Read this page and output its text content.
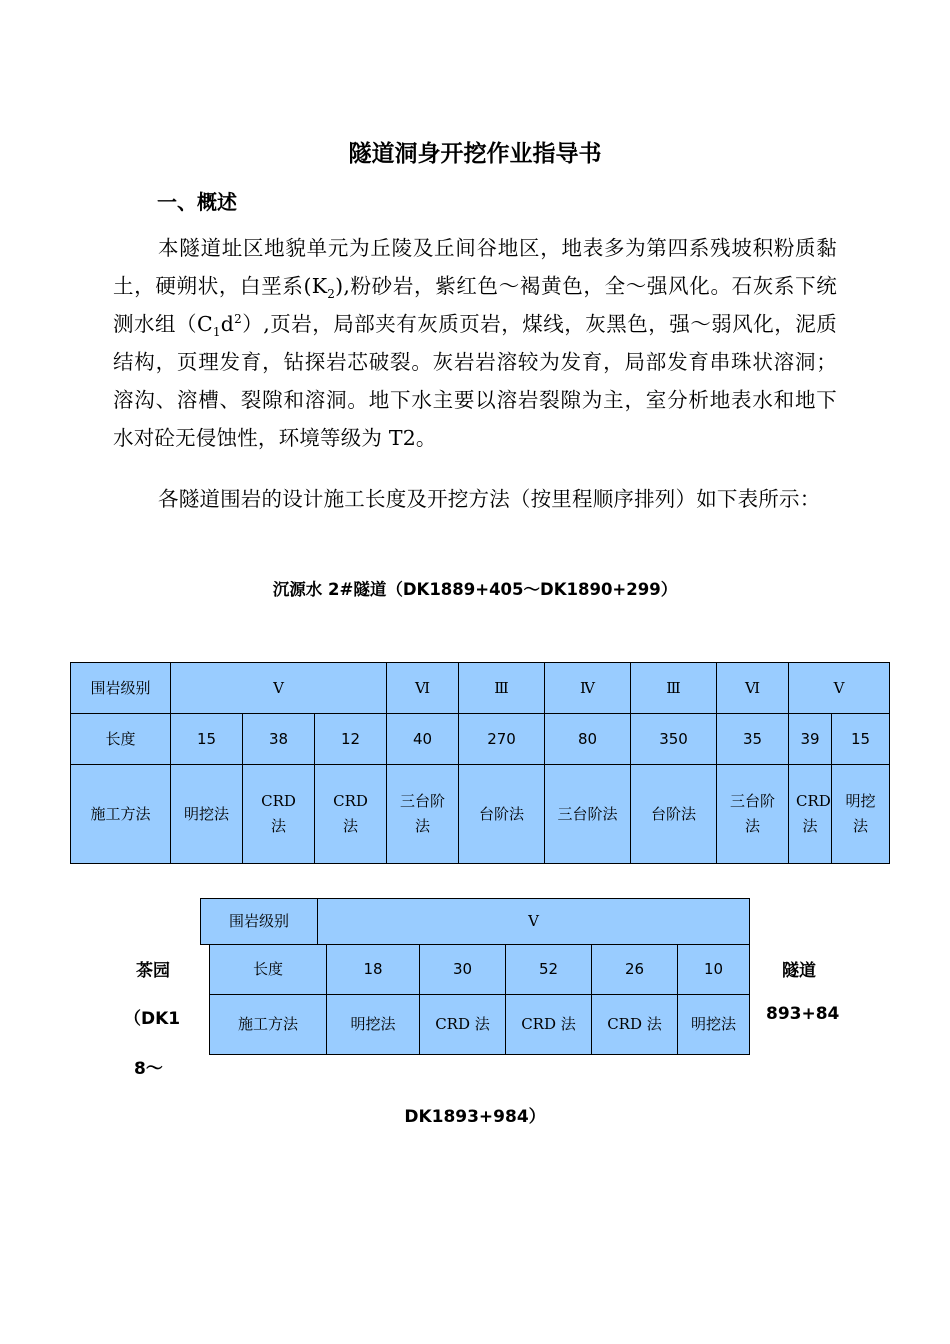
隧道洞身开挖作业指导书
一、概述
本隧道址区地貌单元为丘陵及丘间谷地区，地表多为第四系残坡积粉质黏土，硬朔状，白垩系$(K_2)$,粉砂岩，紫红色～褐黄色，全～强风化。石灰系下统测水组$(C_1d^2)$,页岩，局部夹有灰质页岩，煤线，灰黑色，强～弱风化，泥质结构，页理发育，钻探岩芯破裂。灰岩岩溶较为发育，局部发育串珠状溶洞；溶沟、溶槽、裂隙和溶洞。地下水主要以溶岩裂隙为主，室分析地表水和地下水对砼无侵蚀性，环境等级为 T2。
各隧道围岩的设计施工长度及开挖方法（按里程顺序排列）如下表所示：
沉源水 2#隧道（DK1889+405～DK1890+299）
围岩级别	V			Ⅵ	Ⅲ	Ⅳ	Ⅲ	Ⅵ	V	
长度	15	38	12	40	270	80	350	35	39	15
施工方法	明挖法	CRD法	CRD法	三台阶法	台阶法	三台阶法	台阶法	三台阶法	CRD法	明挖法
围岩级别	V
长度	18	30	52	26	10
施工方法	明挖法	CRD 法	CRD 法	CRD 法	明挖法
茶园
（DK1
8～
隧道
893+84
DK1893+984）
